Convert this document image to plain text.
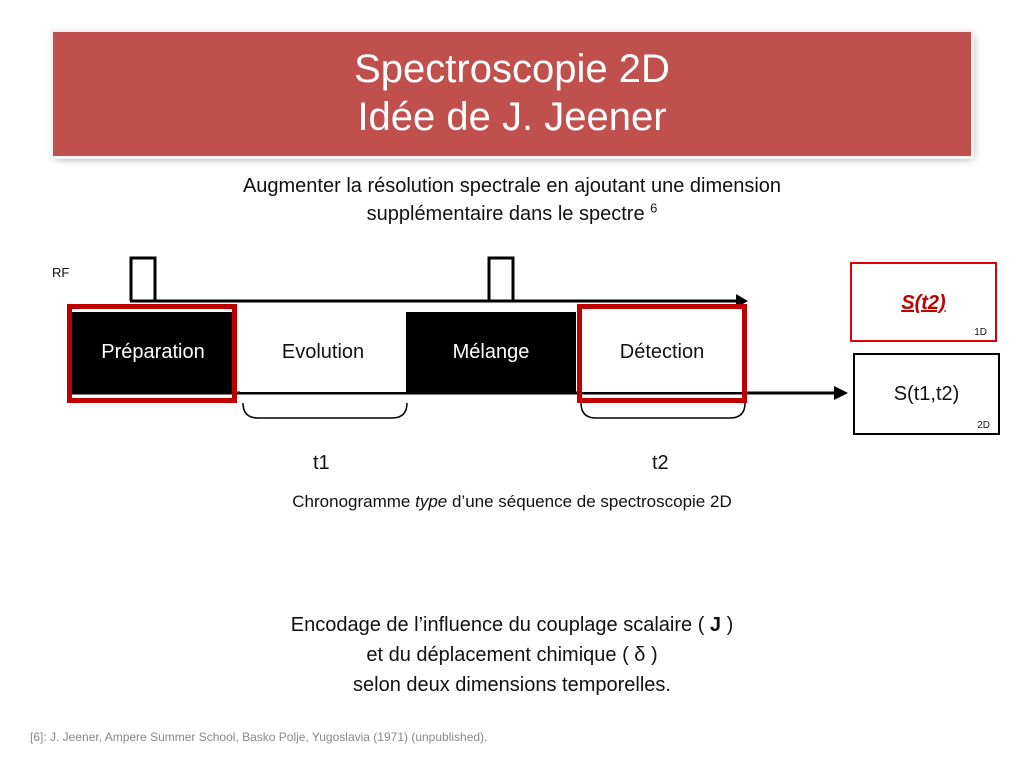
Spectroscopie 2D
Idée de J. Jeener
Augmenter la résolution spectrale en ajoutant une dimension
supplémentaire dans le spectre $^6$
RF
Préparation	Evolution	Mélange	Détection
t1	t2
Chronogramme type d’une séquence de spectroscopie 2D
S(t2)
1D
S(t1,t2)
2D
Encodage de l’influence du couplage scalaire ( J )
et du déplacement chimique ( δ )
selon deux dimensions temporelles.
[6]: J. Jeener, Ampere Summer School, Basko Polje, Yugoslavia (1971) (unpublished).
